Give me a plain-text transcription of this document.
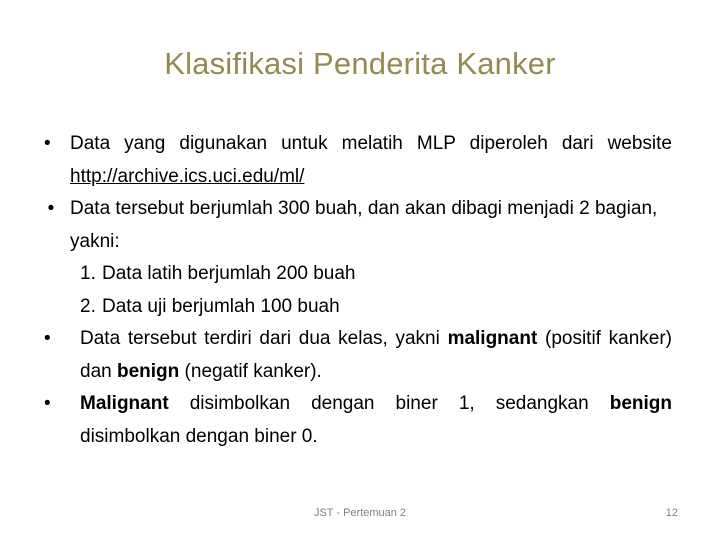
Klasifikasi Penderita Kanker
•	Data yang digunakan untuk melatih MLP diperoleh dari website http://archive.ics.uci.edu/ml/
• Data tersebut berjumlah 300 buah, dan akan dibagi menjadi 2 bagian, yakni:
1. Data latih berjumlah 200 buah
2. Data uji berjumlah 100 buah
•	Data tersebut terdiri dari dua kelas, yakni malignant (positif kanker) dan benign (negatif kanker).
•	Malignant disimbolkan dengan biner 1, sedangkan benign disimbolkan dengan biner 0.
JST - Pertemuan 2	12
